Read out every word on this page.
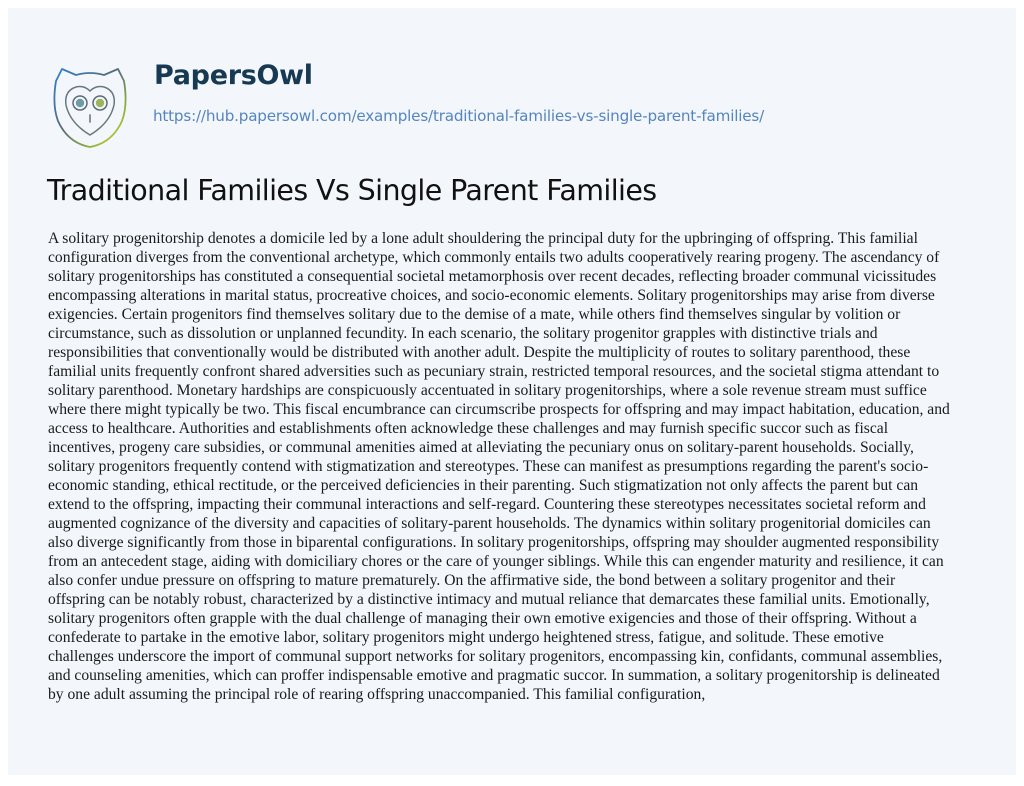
PapersOwl
https://hub.papersowl.com/examples/traditional-families-vs-single-parent-families/
Traditional Families Vs Single Parent Families
A solitary progenitorship denotes a domicile led by a lone adult shouldering the principal duty for the upbringing of offspring. This familial
configuration diverges from the conventional archetype, which commonly entails two adults cooperatively rearing progeny. The ascendancy of
solitary progenitorships has constituted a consequential societal metamorphosis over recent decades, reflecting broader communal vicissitudes
encompassing alterations in marital status, procreative choices, and socio-economic elements. Solitary progenitorships may arise from diverse
exigencies. Certain progenitors find themselves solitary due to the demise of a mate, while others find themselves singular by volition or
circumstance, such as dissolution or unplanned fecundity. In each scenario, the solitary progenitor grapples with distinctive trials and
responsibilities that conventionally would be distributed with another adult. Despite the multiplicity of routes to solitary parenthood, these
familial units frequently confront shared adversities such as pecuniary strain, restricted temporal resources, and the societal stigma attendant to
solitary parenthood. Monetary hardships are conspicuously accentuated in solitary progenitorships, where a sole revenue stream must suffice
where there might typically be two. This fiscal encumbrance can circumscribe prospects for offspring and may impact habitation, education, and
access to healthcare. Authorities and establishments often acknowledge these challenges and may furnish specific succor such as fiscal
incentives, progeny care subsidies, or communal amenities aimed at alleviating the pecuniary onus on solitary-parent households. Socially,
solitary progenitors frequently contend with stigmatization and stereotypes. These can manifest as presumptions regarding the parent's socio-
economic standing, ethical rectitude, or the perceived deficiencies in their parenting. Such stigmatization not only affects the parent but can
extend to the offspring, impacting their communal interactions and self-regard. Countering these stereotypes necessitates societal reform and
augmented cognizance of the diversity and capacities of solitary-parent households. The dynamics within solitary progenitorial domiciles can
also diverge significantly from those in biparental configurations. In solitary progenitorships, offspring may shoulder augmented responsibility
from an antecedent stage, aiding with domiciliary chores or the care of younger siblings. While this can engender maturity and resilience, it can
also confer undue pressure on offspring to mature prematurely. On the affirmative side, the bond between a solitary progenitor and their
offspring can be notably robust, characterized by a distinctive intimacy and mutual reliance that demarcates these familial units. Emotionally,
solitary progenitors often grapple with the dual challenge of managing their own emotive exigencies and those of their offspring. Without a
confederate to partake in the emotive labor, solitary progenitors might undergo heightened stress, fatigue, and solitude. These emotive
challenges underscore the import of communal support networks for solitary progenitors, encompassing kin, confidants, communal assemblies,
and counseling amenities, which can proffer indispensable emotive and pragmatic succor. In summation, a solitary progenitorship is delineated
by one adult assuming the principal role of rearing offspring unaccompanied. This familial configuration,
